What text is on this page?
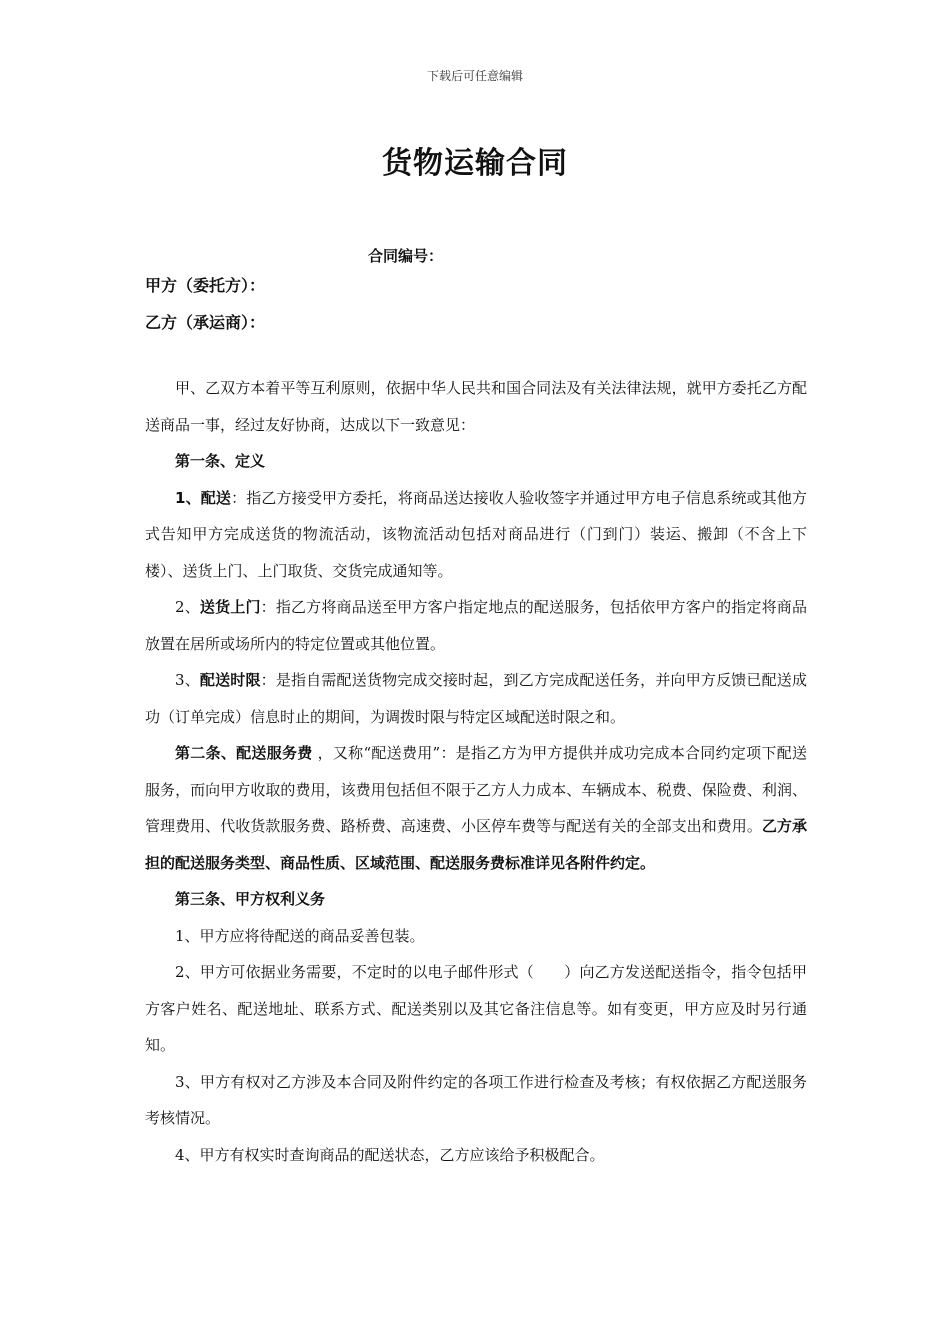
下载后可任意编辑
货物运输合同
合同编号：
甲方（委托方）：
乙方（承运商）：

甲、乙双方本着平等互利原则，依据中华人民共和国合同法及有关法律法规，就甲方委托乙方配送商品一事，经过友好协商，达成以下一致意见：

第一条、定义

1、配送：指乙方接受甲方委托，将商品送达接收人验收签字并通过甲方电子信息系统或其他方式告知甲方完成送货的物流活动，该物流活动包括对商品进行（门到门）装运、搬卸（不含上下楼）、送货上门、上门取货、交货完成通知等。

2、送货上门：指乙方将商品送至甲方客户指定地点的配送服务，包括依甲方客户的指定将商品放置在居所或场所内的特定位置或其他位置。

3、配送时限：是指自需配送货物完成交接时起，到乙方完成配送任务，并向甲方反馈已配送成功（订单完成）信息时止的期间，为调拨时限与特定区域配送时限之和。

第二条、配送服务费 ，又称“配送费用”：是指乙方为甲方提供并成功完成本合同约定项下配送服务，而向甲方收取的费用，该费用包括但不限于乙方人力成本、车辆成本、税费、保险费、利润、管理费用、代收货款服务费、路桥费、高速费、小区停车费等与配送有关的全部支出和费用。乙方承担的配送服务类型、商品性质、区域范围、配送服务费标准详见各附件约定。

第三条、甲方权利义务

1、甲方应将待配送的商品妥善包装。

2、甲方可依据业务需要，不定时的以电子邮件形式（　　）向乙方发送配送指令，指令包括甲方客户姓名、配送地址、联系方式、配送类别以及其它备注信息等。如有变更，甲方应及时另行通知。

3、甲方有权对乙方涉及本合同及附件约定的各项工作进行检查及考核；有权依据乙方配送服务考核情况。

4、甲方有权实时查询商品的配送状态，乙方应该给予积极配合。
